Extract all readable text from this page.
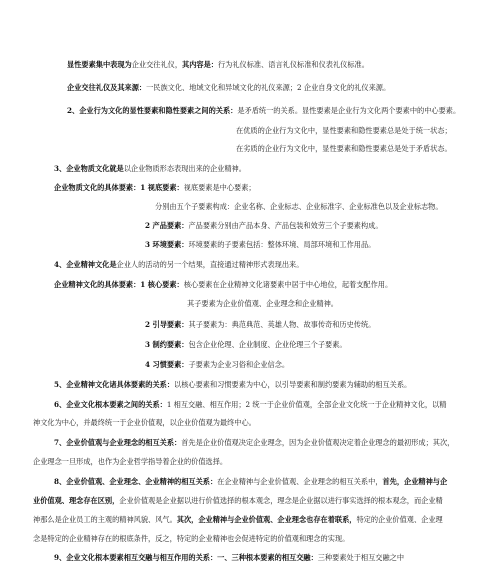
显性要素集中表现为企业交往礼仪，其内容是：行为礼仪标准、语言礼仪标准和仪表礼仪标准。
企业交往礼仪及其来源：一民族文化、地域文化和异域文化的礼仪来源；2 企业自身文化的礼仪来源。
2、企业行为文化的显性要素和隐性要素之间的关系：是矛盾统一的关系。显性要素是企业行为文化两个要素中的中心要素。
在优质的企业行为文化中，显性要素和隐性要素总是处于统一状态；
在劣质的企业行为文化中，显性要素和隐性要素总是处于矛盾状态。
3、企业物质文化就是以企业物质形态表现出来的企业精神。
企业物质文化的具体要素：1 视底要素：视底要素是中心要素；
分别由五个子要素构成：企业名称、企业标志、企业标准字、企业标准色以及企业标志物。
2 产品要素：产品要素分别由产品本身、产品包装和效劳三个子要素构成。
3 环境要素：环境要素的子要素包括：整体环境、局部环境和工作用品。
4、企业精神文化是企业人的活动的另一个结果，直接通过精神形式表现出来。
企业精神文化的具体要素：1 核心要素：核心要素在企业精神文化诸要素中居于中心地位，起着支配作用。
其子要素为企业价值观、企业理念和企业精神。
2 引导要素：其子要素为：典范典范、英雄人物、故事传奇和历史传统。
3 制约要素：包含企业伦理、企业制度、企业伦理三个子要素。
4 习惯要素：子要素为企业习俗和企业信念。
5、企业精神文化诸具体要素的关系：以核心要素和习惯要素为中心，以引导要素和制约要素为辅助的相互关系。
6、企业文化根本要素之间的关系：1 相互交融、相互作用；2 统一于企业价值观，全部企业文化统一于企业精神文化，以精
神文化为中心，并最终统一于企业价值观，以企业价值观为最终中心。
7、企业价值观与企业理念的相互关系：首先是企业价值观决定企业理念，因为企业价值观决定着企业理念的最初形成；其次，
企业理念一旦形成，也作为企业哲学指导着企业的价值选择。
8、企业价值观、企业理念、企业精神的相互关系：在企业精神与企业价值观、企业理念的相互关系中，首先，企业精神与企
业价值观、理念存在区别，企业价值观是企业据以进行价值选择的根本观念，理念是企业据以进行事实选择的根本观念，而企业精
神那么是企业员工的主观的精神风貌、风气。其次，企业精神与企业价值观、企业理念也存在着联系，特定的企业价值观、企业理
念是特定的企业精神存在的根底条件，反之，特定的企业精神也会促进特定的价值观和理念的实现。
9、企业文化根本要素相互交融与相互作用的关系：一、三种根本要素的相互交融：三种要素处于相互交融之中
